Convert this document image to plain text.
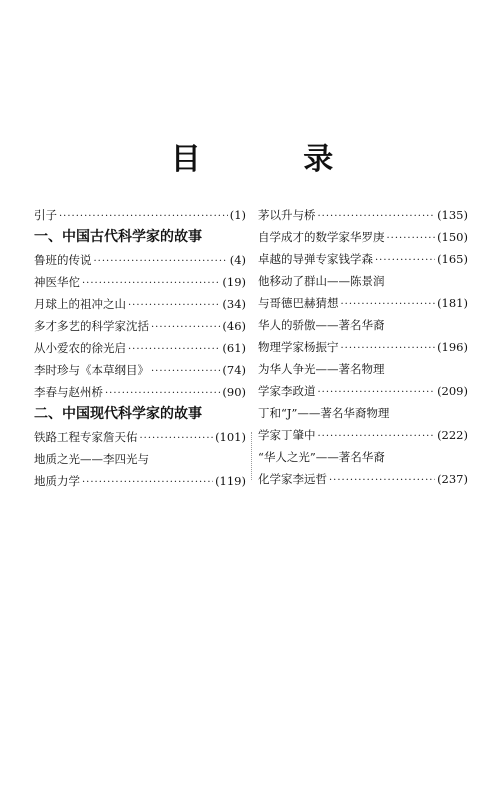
目 录
引子 ·····	(1)
一、中国古代科学家的故事
鲁班的传说 ·····	(4)
神医华佗 ·····	(19)
月球上的祖冲之山 ·····	(34)
多才多艺的科学家沈括 ·····	(46)
从小爱农的徐光启 ·····	(61)
李时珍与《本草纲目》 ·····	(74)
李春与赵州桥 ·····	(90)
二、中国现代科学家的故事
铁路工程专家詹天佑 ·····	(101)
地质之光——李四光与
地质力学 ·····	(119)
茅以升与桥 ·····	(135)
自学成才的数学家华罗庚 ·····	(150)
卓越的导弹专家钱学森 ·····	(165)
他移动了群山——陈景润
与哥德巴赫猜想 ·····	(181)
华人的骄傲——著名华裔
物理学家杨振宁 ·····	(196)
为华人争光——著名物理
学家李政道 ·····	(209)
丁和“J”——著名华裔物理
学家丁肇中 ·····	(222)
“华人之光”——著名华裔
化学家李远哲 ·····	(237)
